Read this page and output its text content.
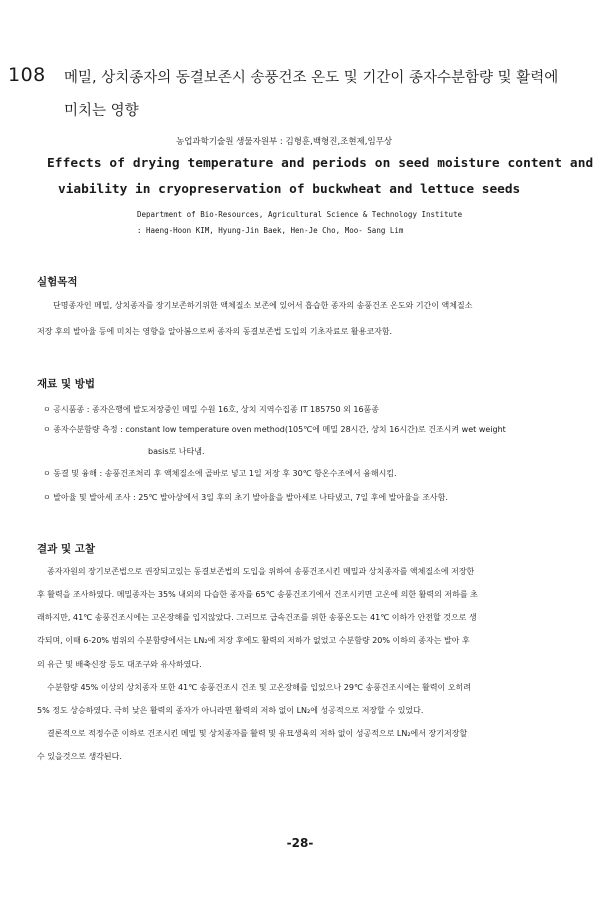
108 메밀, 상치종자의 동결보존시 송풍건조 온도 및 기간이 종자수분함량 및 활력에
미치는 영향
농업과학기술원 생물자원부 : 김형훈,백형진,조현제,임무상
Effects of drying temperature and periods on seed moisture content and
viability in cryopreservation of buckwheat and lettuce seeds
Department of Bio-Resources, Agricultural Science & Technology Institute
: Haeng-Hoon KIM, Hyung-Jin Baek, Hen-Je Cho, Moo- Sang Lim
실험목적
단명종자인 메밀, 상치종자를 장기보존하기위한 액체질소 보존에 있어서 흡습한 종자의 송풍건조 온도와 기간이 액체질소
저장 후의 발아율 등에 미치는 영향을 알아봄으로써 종자의 동결보존법 도입의 기초자료로 활용코자함.
재료 및 방법
ㅇ 공시품종 : 종자은행에 발도저장중인 메밀 수원 16호, 상치 지역수집종 IT 185750 외 16품종
ㅇ 종자수분함량 측정 : constant low temperature oven method(105℃에 메밀 28시간, 상치 16시간)로 건조시켜 wet weight
basis로 나타냄.
ㅇ 동결 및 융해 : 송풍건조처리 후 액체질소에 골바로 넣고 1일 저장 후 30℃ 항온수조에서 융해시킴.
ㅇ 발아율 및 발아세 조사 : 25℃ 발아상에서 3일 후의 초기 발아율을 발아세로 나타냈고, 7일 후에 발아율을 조사함.
결과 및 고찰
종자자원의 장기보존법으로 권장되고있는 동결보존법의 도입을 위하여 송풍건조시킨 메밀과 상치종자를 액체질소에 저장한
후 활력을 조사하였다. 메밀종자는 35% 내외의 다습한 종자를 65℃ 송풍건조기에서 건조시키면 고온에 의한 활력의 저하를 초
래하지만, 41℃ 송풍건조시에는 고온장해를 입지않았다. 그러므로 급속건조를 위한 송풍온도는 41℃ 이하가 안전할 것으로 생
각되며, 이때 6-20% 범위의 수분함량에서는 LN₂에 저장 후에도 활력의 저하가 없었고 수분함량 20% 이하의 종자는 발아 후
의 유근 및 배축신장 등도 대조구와 유사하였다.
수분함량 45% 이상의 상치종자 또한 41℃ 송풍건조시 건조 및 고온장해를 입었으나 29℃ 송풍건조시에는 활력이 오히려
5% 정도 상승하였다. 극히 낮은 활력의 종자가 아니라면 활력의 저하 없이 LN₂에 성공적으로 저장할 수 있었다.
결론적으로 적정수준 이하로 건조시킨 메밀 및 상치종자를 활력 및 유묘생육의 저하 없이 성공적으로 LN₂에서 장기저장할
수 있을것으로 생각된다.
-28-
